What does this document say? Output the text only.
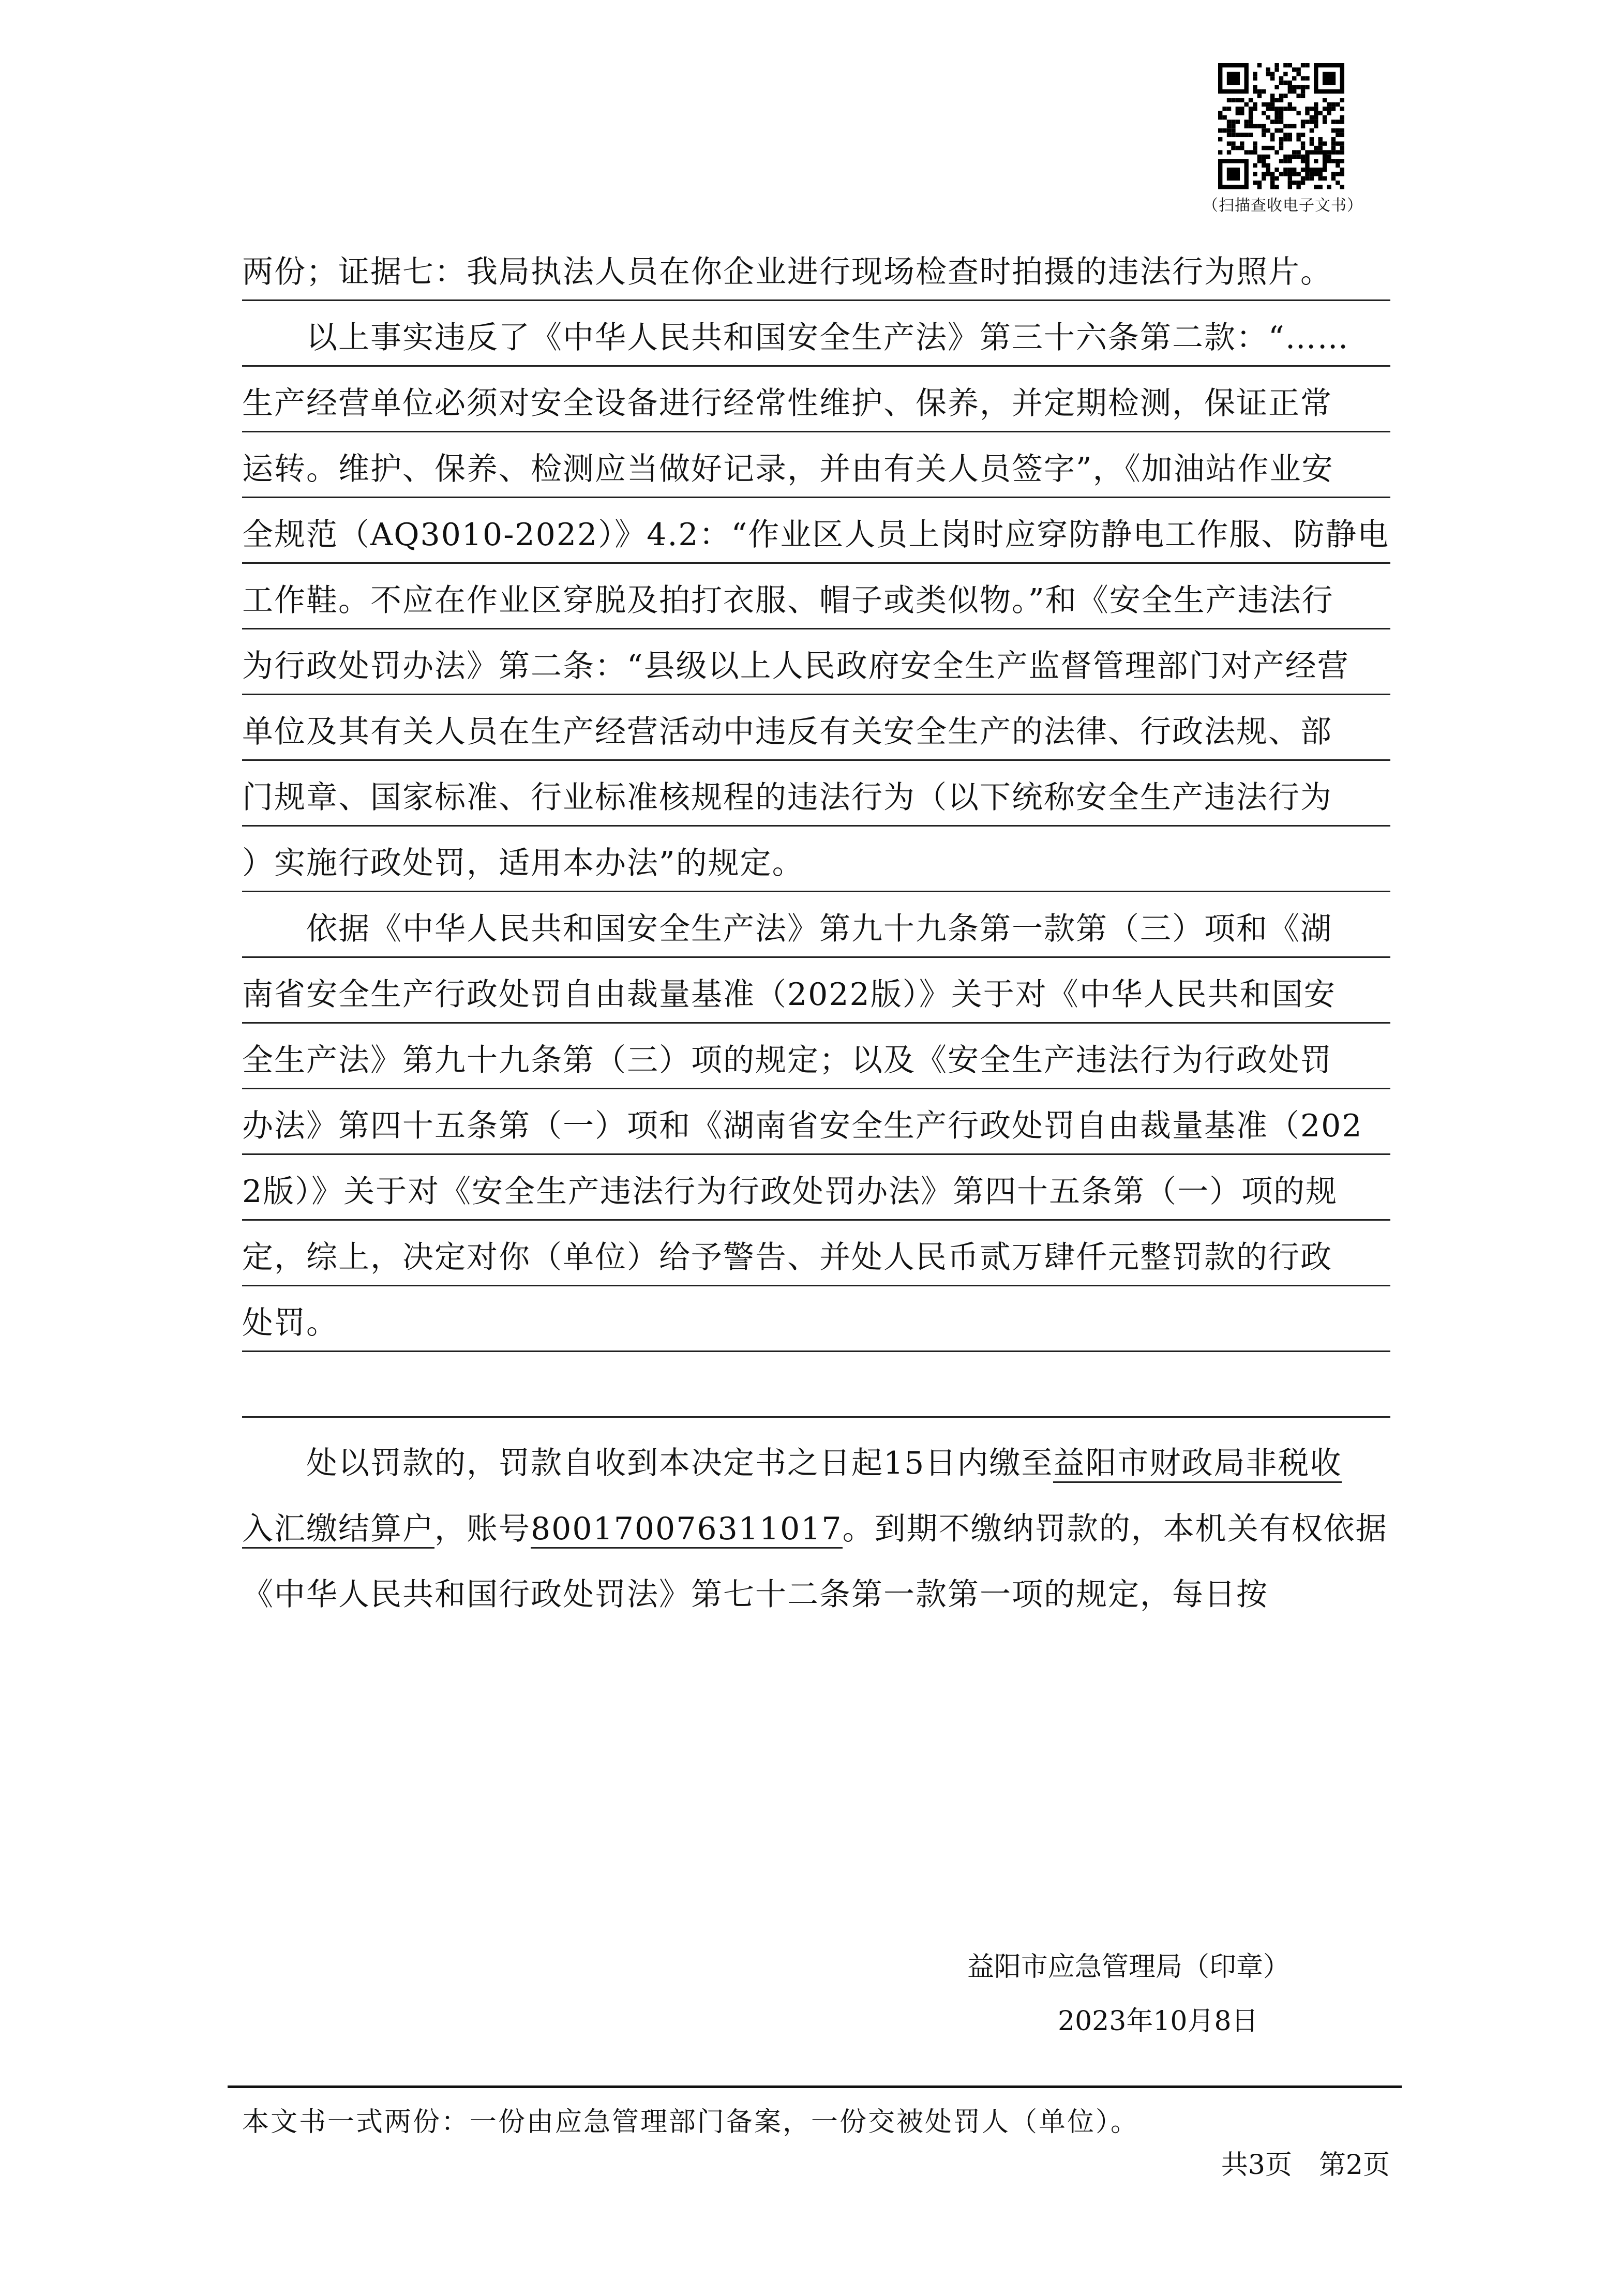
（扫描查收电子文书）
两份；证据七：我局执法人员在你企业进行现场检查时拍摄的违法行为照片。
　　以上事实违反了《中华人民共和国安全生产法》第三十六条第二款：“……
生产经营单位必须对安全设备进行经常性维护、保养，并定期检测，保证正常
运转。维护、保养、检测应当做好记录，并由有关人员签字”，《加油站作业安
全规范（AQ3010-2022）》4.2：“作业区人员上岗时应穿防静电工作服、防静电
工作鞋。不应在作业区穿脱及拍打衣服、帽子或类似物。”和《安全生产违法行
为行政处罚办法》第二条：“县级以上人民政府安全生产监督管理部门对产经营
单位及其有关人员在生产经营活动中违反有关安全生产的法律、行政法规、部
门规章、国家标准、行业标准核规程的违法行为（以下统称安全生产违法行为
）实施行政处罚，适用本办法”的规定。
　　依据《中华人民共和国安全生产法》第九十九条第一款第（三）项和《湖
南省安全生产行政处罚自由裁量基准（2022版）》关于对《中华人民共和国安
全生产法》第九十九条第（三）项的规定；以及《安全生产违法行为行政处罚
办法》第四十五条第（一）项和《湖南省安全生产行政处罚自由裁量基准（202
2版）》关于对《安全生产违法行为行政处罚办法》第四十五条第（一）项的规
定，综上，决定对你（单位）给予警告、并处人民币贰万肆仟元整罚款的行政
处罚。
　　处以罚款的，罚款自收到本决定书之日起15日内缴至益阳市财政局非税收
入汇缴结算户，账号800170076311017。到期不缴纳罚款的，本机关有权依据
《中华人民共和国行政处罚法》第七十二条第一款第一项的规定，每日按
益阳市应急管理局（印章）
2023年10月8日
本文书一式两份：一份由应急管理部门备案，一份交被处罚人（单位）。
共3页　第2页
